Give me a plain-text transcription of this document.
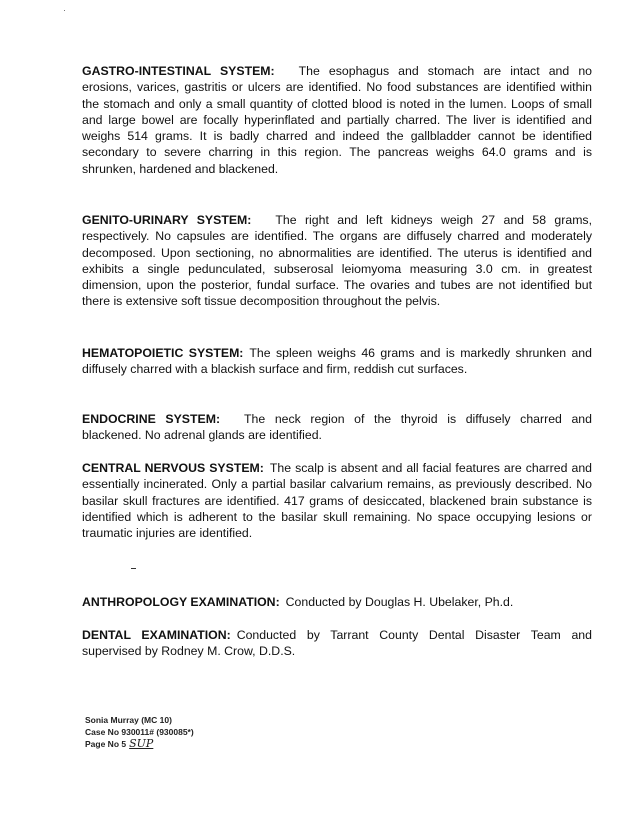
GASTRO-INTESTINAL SYSTEM: The esophagus and stomach are intact and no erosions, varices, gastritis or ulcers are identified. No food substances are identified within the stomach and only a small quantity of clotted blood is noted in the lumen. Loops of small and large bowel are focally hyperinflated and partially charred. The liver is identified and weighs 514 grams. It is badly charred and indeed the gallbladder cannot be identified secondary to severe charring in this region. The pancreas weighs 64.0 grams and is shrunken, hardened and blackened.
GENITO-URINARY SYSTEM: The right and left kidneys weigh 27 and 58 grams, respectively. No capsules are identified. The organs are diffusely charred and moderately decomposed. Upon sectioning, no abnormalities are identified. The uterus is identified and exhibits a single pedunculated, subserosal leiomyoma measuring 3.0 cm. in greatest dimension, upon the posterior, fundal surface. The ovaries and tubes are not identified but there is extensive soft tissue decomposition throughout the pelvis.
HEMATOPOIETIC SYSTEM: The spleen weighs 46 grams and is markedly shrunken and diffusely charred with a blackish surface and firm, reddish cut surfaces.
ENDOCRINE SYSTEM: The neck region of the thyroid is diffusely charred and blackened. No adrenal glands are identified.
CENTRAL NERVOUS SYSTEM: The scalp is absent and all facial features are charred and essentially incinerated. Only a partial basilar calvarium remains, as previously described. No basilar skull fractures are identified. 417 grams of desiccated, blackened brain substance is identified which is adherent to the basilar skull remaining. No space occupying lesions or traumatic injuries are identified.
ANTHROPOLOGY EXAMINATION: Conducted by Douglas H. Ubelaker, Ph.d.
DENTAL EXAMINATION: Conducted by Tarrant County Dental Disaster Team and supervised by Rodney M. Crow, D.D.S.
Sonia Murray (MC 10)
Case No 930011# (930085*)
Page No 5 SUP
